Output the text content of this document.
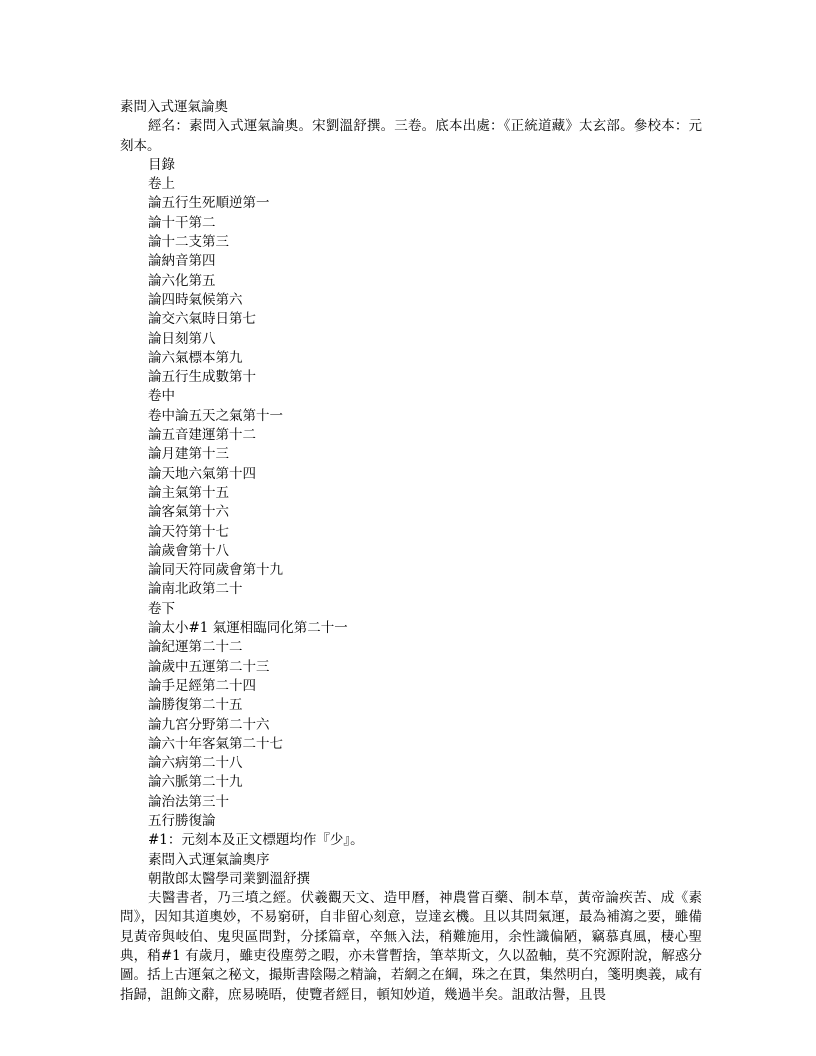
素問入式運氣論奧

經名：素問入式運氣論奧。宋劉溫舒撰。三卷。底本出處：《正統道藏》太玄部。參校本：元刻本。

目錄

卷上

論五行生死順逆第一

論十干第二

論十二支第三

論納音第四

論六化第五

論四時氣候第六

論交六氣時日第七

論日刻第八

論六氣標本第九

論五行生成數第十

卷中

卷中論五天之氣第十一

論五音建運第十二

論月建第十三

論天地六氣第十四

論主氣第十五

論客氣第十六

論天符第十七

論歲會第十八

論同天符同歲會第十九

論南北政第二十

卷下

論太小#1 氣運相臨同化第二十一

論紀運第二十二

論歲中五運第二十三

論手足經第二十四

論勝復第二十五

論九宮分野第二十六

論六十年客氣第二十七

論六病第二十八

論六脈第二十九

論治法第三十

五行勝復論

#1：元刻本及正文標題均作『少』。

素問入式運氣論奧序

朝散郎太醫學司業劉溫舒撰

夫醫書者，乃三墳之經。伏羲觀天文、造甲曆，神農嘗百藥、制本草，黃帝論疾苦、成《素問》，因知其道奧妙，不易窮研，自非留心刻意，豈達玄機。且以其問氣運，最為補瀉之要，雖備見黃帝與岐伯、鬼臾區問對，分揉篇章，卒無入法，稍難施用，余性識偏陋，竊慕真風，棲心聖典，稍#1 有歲月，雖吏役塵勞之暇，亦未嘗暫捨，筆萃斯文，久以盈軸，莫不究源附說，解惑分圖。括上古運氣之秘文，撮斯書陰陽之精論，若網之在綱，珠之在貫，集然明白，箋明奧義，咸有指歸，詛飾文辭，庶易曉晤，使覽者經目，頓知妙道，幾過半矣。詛敢沽譽，且畏
